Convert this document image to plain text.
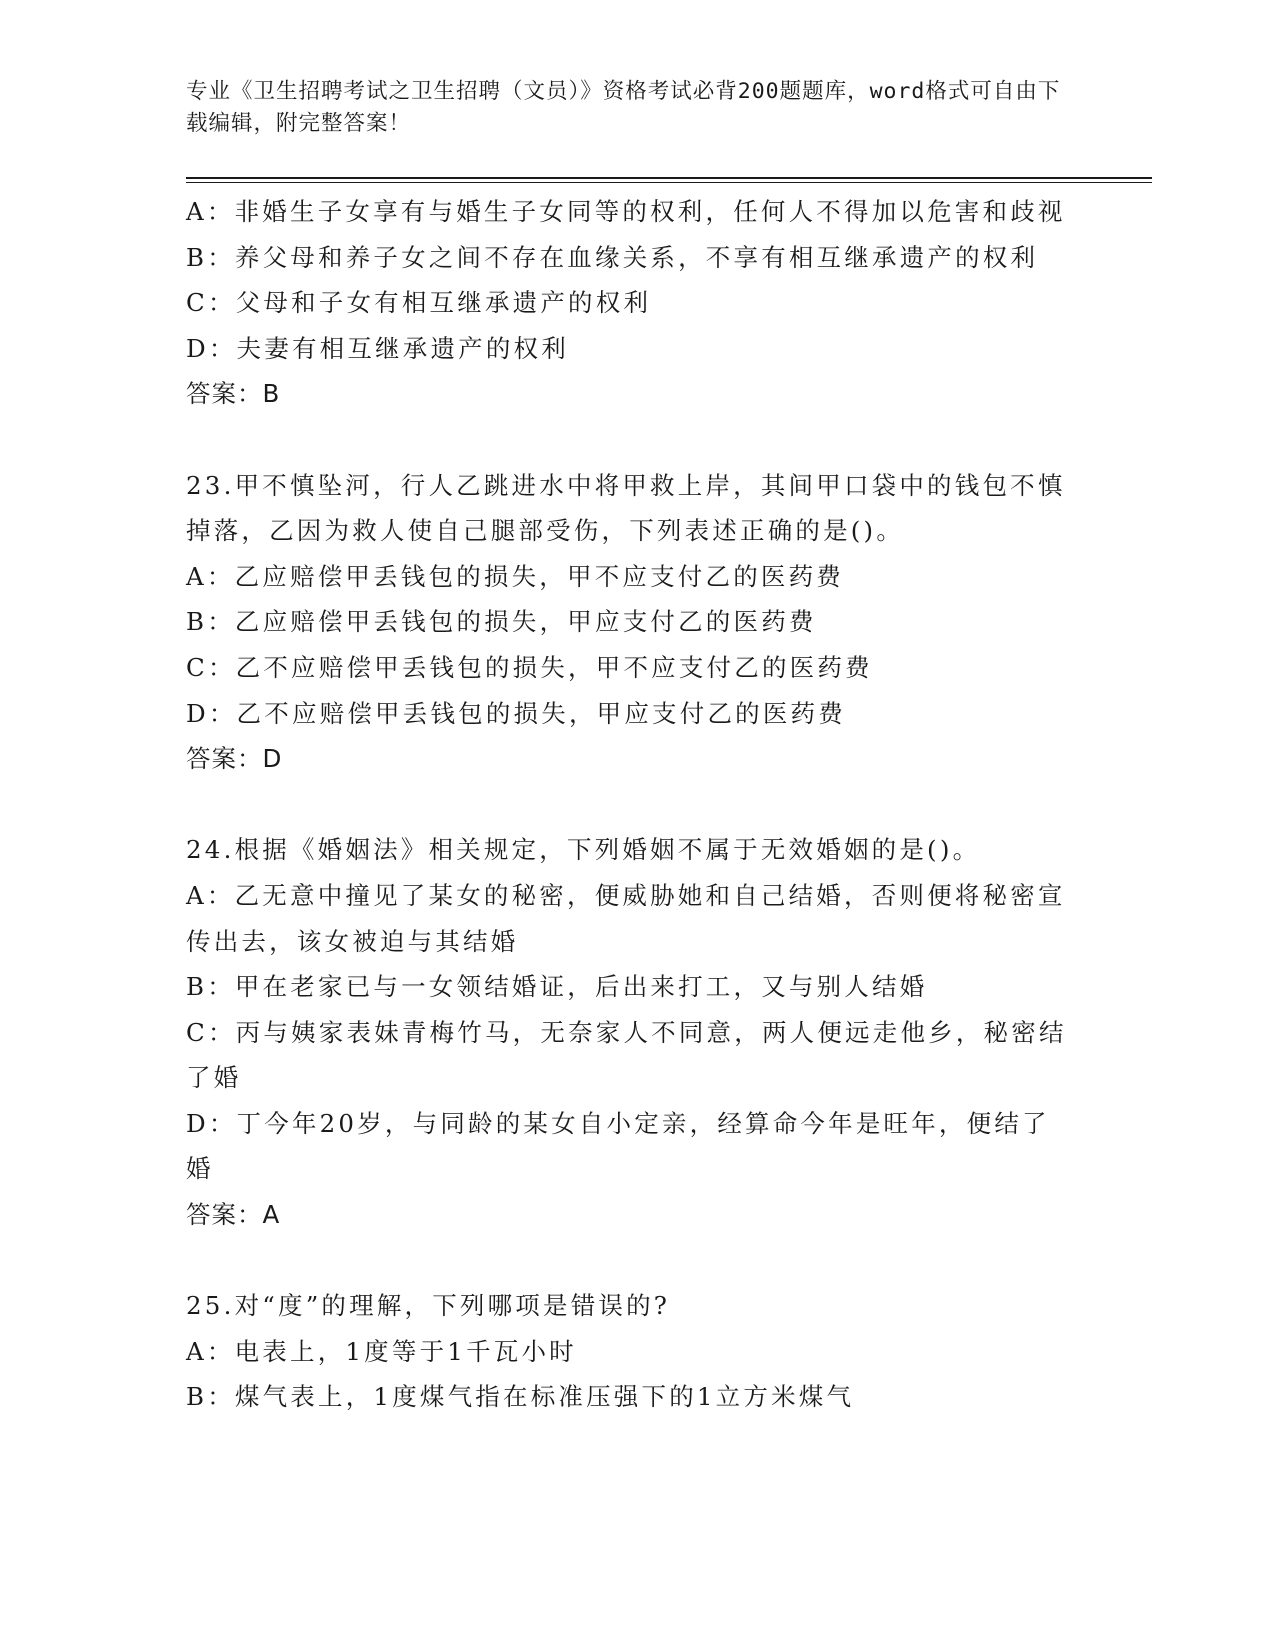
专业《卫生招聘考试之卫生招聘（文员）》资格考试必背200题题库，word格式可自由下载编辑，附完整答案！

A：非婚生子女享有与婚生子女同等的权利，任何人不得加以危害和歧视

B：养父母和养子女之间不存在血缘关系，不享有相互继承遗产的权利

C：父母和子女有相互继承遗产的权利

D：夫妻有相互继承遗产的权利

答案：B

23.甲不慎坠河，行人乙跳进水中将甲救上岸，其间甲口袋中的钱包不慎掉落，乙因为救人使自己腿部受伤，下列表述正确的是()。

A：乙应赔偿甲丢钱包的损失，甲不应支付乙的医药费

B：乙应赔偿甲丢钱包的损失，甲应支付乙的医药费

C：乙不应赔偿甲丢钱包的损失，甲不应支付乙的医药费

D：乙不应赔偿甲丢钱包的损失，甲应支付乙的医药费

答案：D

24.根据《婚姻法》相关规定，下列婚姻不属于无效婚姻的是()。

A：乙无意中撞见了某女的秘密，便威胁她和自己结婚，否则便将秘密宣传出去，该女被迫与其结婚

B：甲在老家已与一女领结婚证，后出来打工，又与别人结婚

C：丙与姨家表妹青梅竹马，无奈家人不同意，两人便远走他乡，秘密结了婚

D：丁今年20岁，与同龄的某女自小定亲，经算命今年是旺年，便结了婚

答案：A

25.对“度”的理解，下列哪项是错误的?

A：电表上，1度等于1千瓦小时

B：煤气表上，1度煤气指在标准压强下的1立方米煤气
